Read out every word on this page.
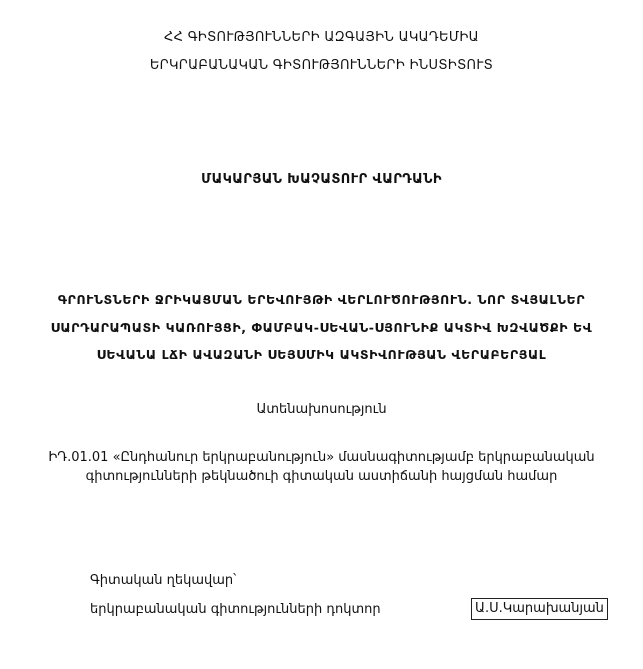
ՀՀ ԳԻՏՈՒԹՅՈՒՆՆԵՐԻ ԱԶԳԱՅԻՆ ԱԿԱԴԵՄԻԱ
ԵՐԿՐԱԲԱՆԱԿԱՆ ԳԻՏՈՒԹՅՈՒՆՆԵՐԻ ԻՆՍՏԻՏՈՒՏ
ՄԱԿԱՐՅԱՆ ԽԱՉԱՏՈՒՐ ՎԱՐԴԱՆԻ
ԳՐՈՒՆՏՆԵՐԻ ՋՐԻԿԱՑՄԱՆ ԵՐԵՎՈՒՅԹԻ ՎԵՐԼՈՒԾՈՒԹՅՈՒՆ. ՆՈՐ ՏՎՅԱԼՆԵՐ
ՍԱՐԴԱՐԱՊԱՏԻ ԿԱՌՈՒՅՑԻ, ՓԱՄԲԱԿ-ՍԵՎԱՆ-ՍՅՈՒՆԻՔ ԱԿՏԻՎ ԽԶՎԱԾՔԻ ԵՎ
ՍԵՎԱՆԱ ԼՃԻ ԱՎԱԶԱՆԻ ՍԵՅՍՄԻԿ ԱԿՏԻՎՈՒԹՅԱՆ ՎԵՐԱԲԵՐՅԱԼ
Ատենախոսություն
ԻԴ.01.01 «Ընդհանուր երկրաբանություն» մասնագիտությամբ երկրաբանական
գիտությունների թեկնածուի գիտական աստիճանի հայցման համար
Գիտական ղեկավար՝
երկրաբանական գիտությունների դոկտոր	Ա.Ս.Կարախանյան
